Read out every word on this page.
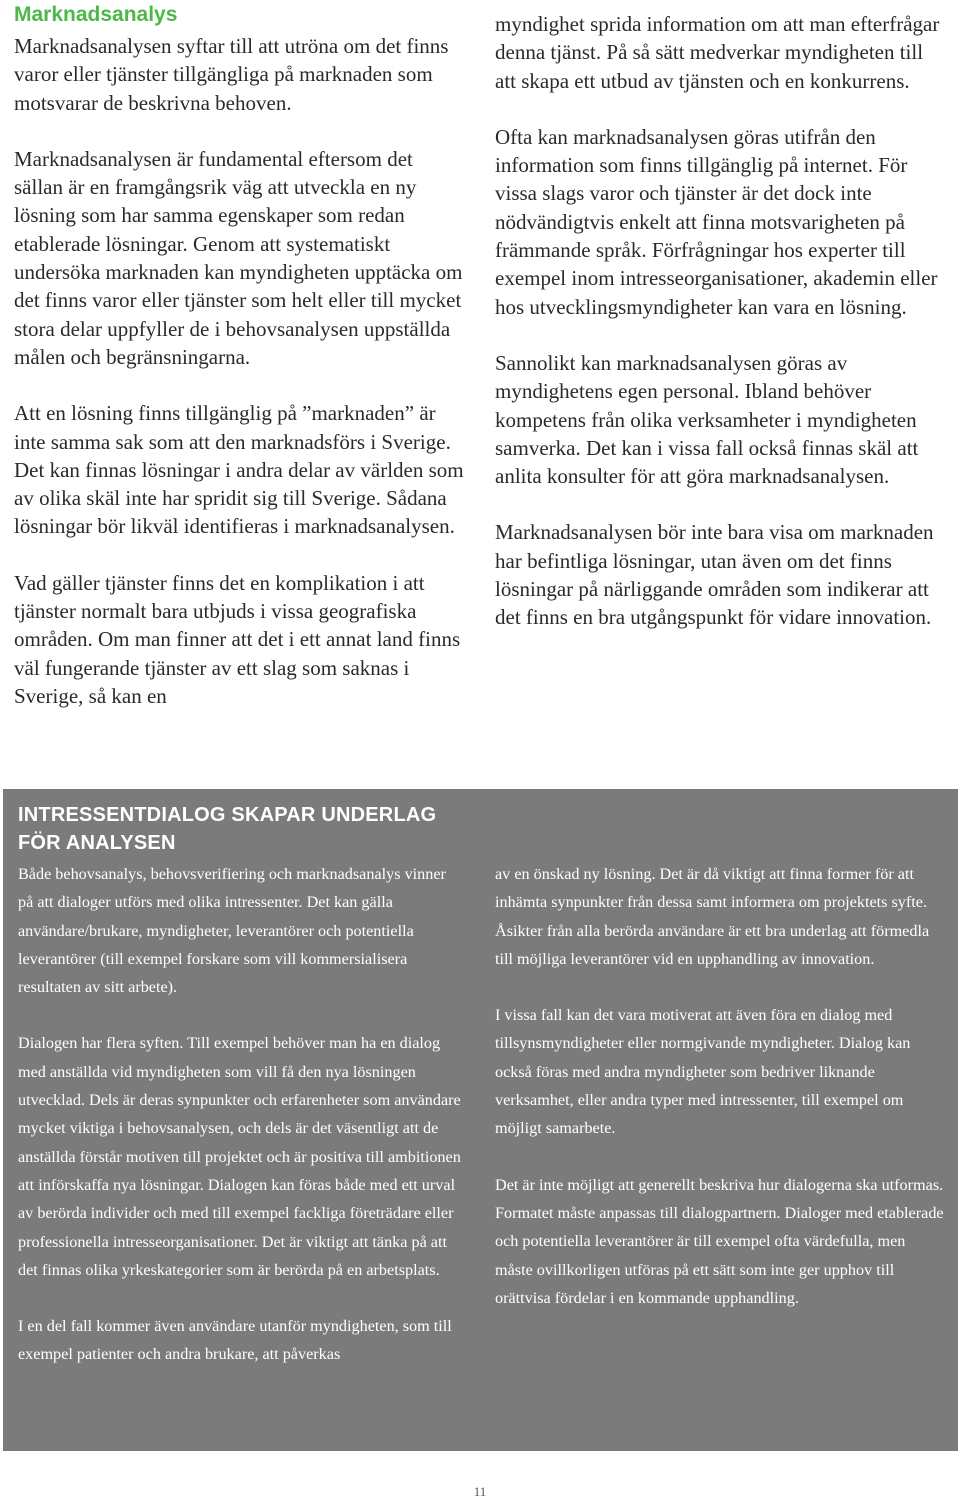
Marknadsanalys

Marknadsanalysen syftar till att utröna om det finns varor eller tjänster tillgängliga på marknaden som motsvarar de beskrivna behoven.

Marknadsanalysen är fundamental eftersom det sällan är en framgångsrik väg att utveckla en ny lösning som har samma egenskaper som redan etablerade lösningar. Genom att systematiskt undersöka marknaden kan myndigheten upptäcka om det finns varor eller tjänster som helt eller till mycket stora delar uppfyller de i behovsanalysen uppställda målen och begränsningarna.

Att en lösning finns tillgänglig på ”marknaden” är inte samma sak som att den marknadsförs i Sverige. Det kan finnas lösningar i andra delar av världen som av olika skäl inte har spridit sig till Sverige. Sådana lösningar bör likväl identifieras i marknadsanalysen.

Vad gäller tjänster finns det en komplikation i att tjänster normalt bara utbjuds i vissa geografiska områden. Om man finner att det i ett annat land finns väl fungerande tjänster av ett slag som saknas i Sverige, så kan en

myndighet sprida information om att man efterfrågar denna tjänst. På så sätt medverkar myndigheten till att skapa ett utbud av tjänsten och en konkurrens.

Ofta kan marknadsanalysen göras utifrån den information som finns tillgänglig på internet. För vissa slags varor och tjänster är det dock inte nödvändigtvis enkelt att finna motsvarigheten på främmande språk. Förfrågningar hos experter till exempel inom intresseorganisationer, akademin eller hos utvecklingsmyndigheter kan vara en lösning.

Sannolikt kan marknadsanalysen göras av myndighetens egen personal. Ibland behöver kompetens från olika verksamheter i myndigheten samverka. Det kan i vissa fall också finnas skäl att anlita konsulter för att göra marknadsanalysen.

Marknadsanalysen bör inte bara visa om marknaden har befintliga lösningar, utan även om det finns lösningar på närliggande områden som indikerar att det finns en bra utgångspunkt för vidare innovation.

INTRESSENTDIALOG SKAPAR UNDERLAG FÖR ANALYSEN

Både behovsanalys, behovsverifiering och marknadsanalys vinner på att dialoger utförs med olika intressenter. Det kan gälla användare/brukare, myndigheter, leverantörer och potentiella leverantörer (till exempel forskare som vill kommersialisera resultaten av sitt arbete).

Dialogen har flera syften. Till exempel behöver man ha en dialog med anställda vid myndigheten som vill få den nya lösningen utvecklad. Dels är deras synpunkter och erfarenheter som användare mycket viktiga i behovsanalysen, och dels är det väsentligt att de anställda förstår motiven till projektet och är positiva till ambitionen att införskaffa nya lösningar. Dialogen kan föras både med ett urval av berörda individer och med till exempel fackliga företrädare eller professionella intresseorganisationer. Det är viktigt att tänka på att det finnas olika yrkeskategorier som är berörda på en arbetsplats.

I en del fall kommer även användare utanför myndigheten, som till exempel patienter och andra brukare, att påverkas

av en önskad ny lösning. Det är då viktigt att finna former för att inhämta synpunkter från dessa samt informera om projektets syfte. Åsikter från alla berörda användare är ett bra underlag att förmedla till möjliga leverantörer vid en upphandling av innovation.

I vissa fall kan det vara motiverat att även föra en dialog med tillsynsmyndigheter eller normgivande myndigheter. Dialog kan också föras med andra myndigheter som bedriver liknande verksamhet, eller andra typer med intressenter, till exempel om möjligt samarbete.

Det är inte möjligt att generellt beskriva hur dialogerna ska utformas. Formatet måste anpassas till dialogpartnern. Dialoger med etablerade och potentiella leverantörer är till exempel ofta värdefulla, men måste ovillkorligen utföras på ett sätt som inte ger upphov till orättvisa fördelar i en kommande upphandling.

11
